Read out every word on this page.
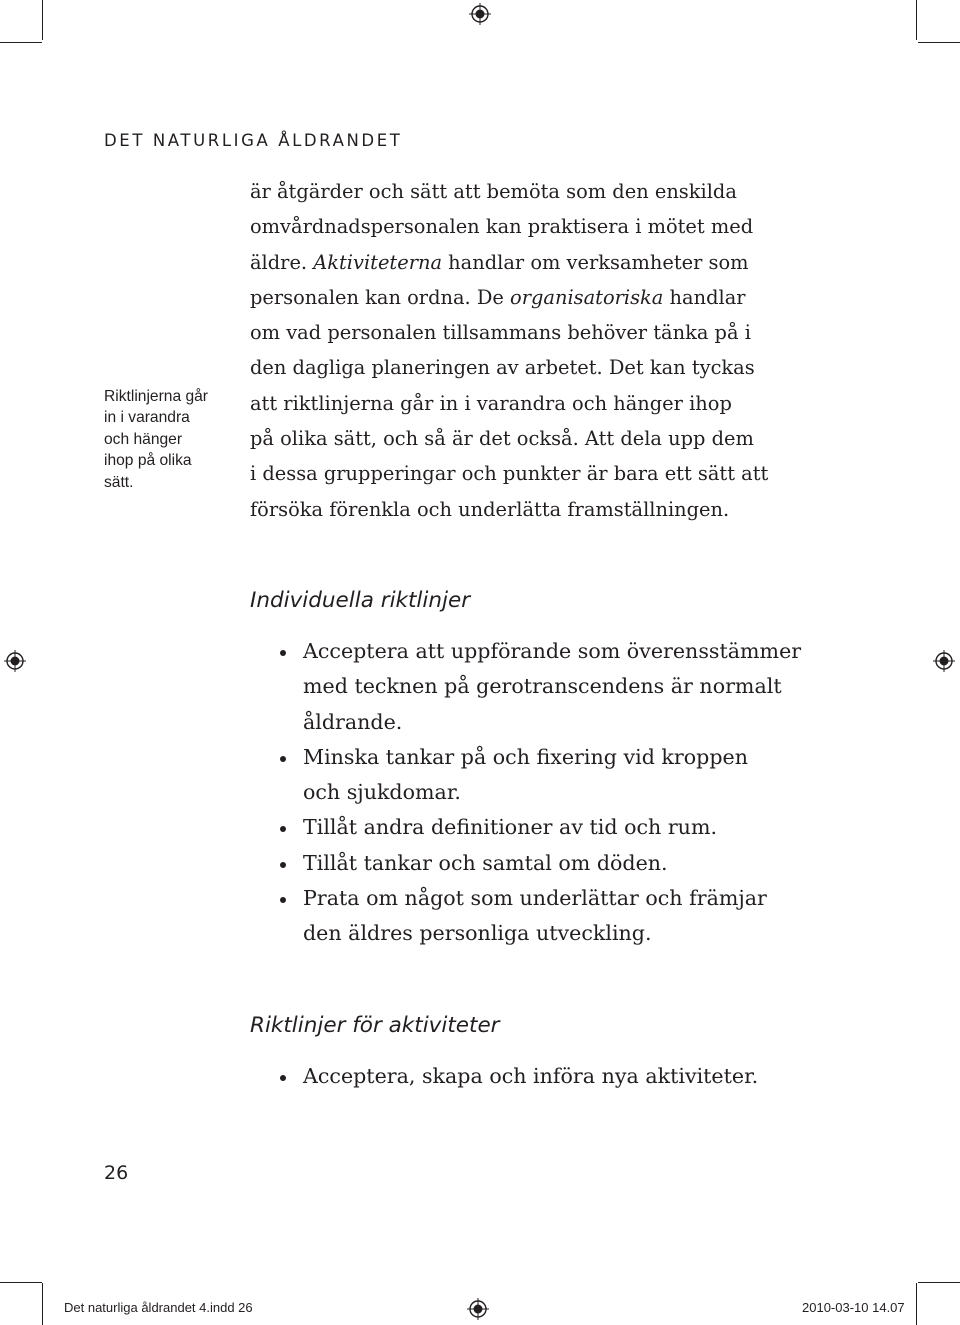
DET NATURLIGA ÅLDRANDET
Riktlinjerna går
in i varandra
och hänger
ihop på olika
sätt.
är åtgärder och sätt att bemöta som den enskilda
omvårdnadspersonalen kan praktisera i mötet med
äldre. Aktiviteterna handlar om verksamheter som
personalen kan ordna. De organisatoriska handlar
om vad personalen tillsammans behöver tänka på i
den dagliga planeringen av arbetet. Det kan tyckas
att riktlinjerna går in i varandra och hänger ihop
på olika sätt, och så är det också. Att dela upp dem
i dessa grupperingar och punkter är bara ett sätt att
försöka förenkla och underlätta framställningen.
Individuella riktlinjer
Acceptera att uppförande som överensstämmer
med tecknen på gerotranscendens är normalt
åldrande.
Minska tankar på och fixering vid kroppen
och sjukdomar.
Tillåt andra definitioner av tid och rum.
Tillåt tankar och samtal om döden.
Prata om något som underlättar och främjar
den äldres personliga utveckling.
Riktlinjer för aktiviteter
Acceptera, skapa och införa nya aktiviteter.
26
Det naturliga åldrandet 4.indd 26	2010-03-10 14.07
